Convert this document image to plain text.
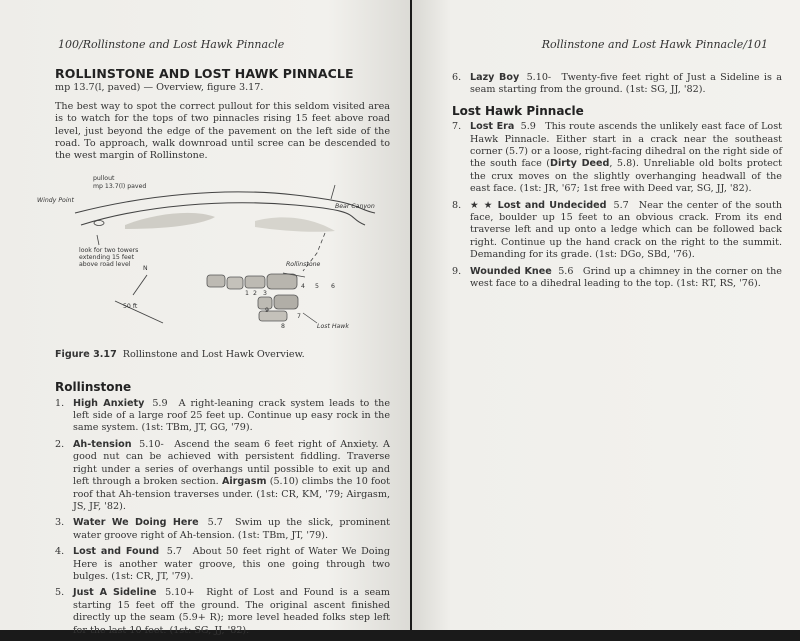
100/Rollinstone and Lost Hawk Pinnacle
ROLLINSTONE AND LOST HAWK PINNACLE
mp 13.7(l, paved) — Overview, figure 3.17.

The best way to spot the correct pullout for this seldom visited area is to watch for the tops of two pinnacles rising 15 feet above road level, just beyond the edge of the pavement on the left side of the road. To approach, walk downroad until scree can be descended to the west margin of Rollinstone.

pullout
mp 13.7(l) paved
Windy Point
Bear Canyon
look for two towers
extending 15 feet
above road level	Rollinstone
Lost Hawk
N
50 ft
1 2 3
4 5 6
7
8
9
Figure 3.17 Rollinstone and Lost Hawk Overview.
Rollinstone
1. High Anxiety 5.9 A right-leaning crack system leads to the left side of a large roof 25 feet up. Continue up easy rock in the same system. (1st: TBm, JT, GG, '79).
2. Ah-tension 5.10- Ascend the seam 6 feet right of Anxiety. A good nut can be achieved with persistent fiddling. Traverse right under a series of overhangs until possible to exit up and left through a broken section. Airgasm (5.10) climbs the 10 foot roof that Ah-tension traverses under. (1st: CR, KM, '79; Airgasm, JS, JF, '82).
3. Water We Doing Here 5.7 Swim up the slick, prominent water groove right of Ah-tension. (1st: TBm, JT, '79).
4. Lost and Found 5.7 About 50 feet right of Water We Doing Here is another water groove, this one going through two bulges. (1st: CR, JT, '79).
5. Just A Sideline 5.10+ Right of Lost and Found is a seam starting 15 feet off the ground. The original ascent finished directly up the seam (5.9+ R); more level headed folks step left for the last 10 feet. (1st: SG, JJ, '82).
Rollinstone and Lost Hawk Pinnacle/101
6. Lazy Boy 5.10- Twenty-five feet right of Just a Sideline is a seam starting from the ground. (1st: SG, JJ, '82).
Lost Hawk Pinnacle
7. Lost Era 5.9 This route ascends the unlikely east face of Lost Hawk Pinnacle. Either start in a crack near the southeast corner (5.7) or a loose, right-facing dihedral on the right side of the south face (Dirty Deed, 5.8). Unreliable old bolts protect the crux moves on the slightly overhanging headwall of the east face. (1st: JR, '67; 1st free with Deed var, SG, JJ, '82).
8. ★ ★ Lost and Undecided 5.7 Near the center of the south face, boulder up 15 feet to an obvious crack. From its end traverse left and up onto a ledge which can be followed back right. Continue up the hand crack on the right to the summit. Demanding for its grade. (1st: DGo, SBd, '76).
9. Wounded Knee 5.6 Grind up a chimney in the corner on the west face to a dihedral leading to the top. (1st: RT, RS, '76).
